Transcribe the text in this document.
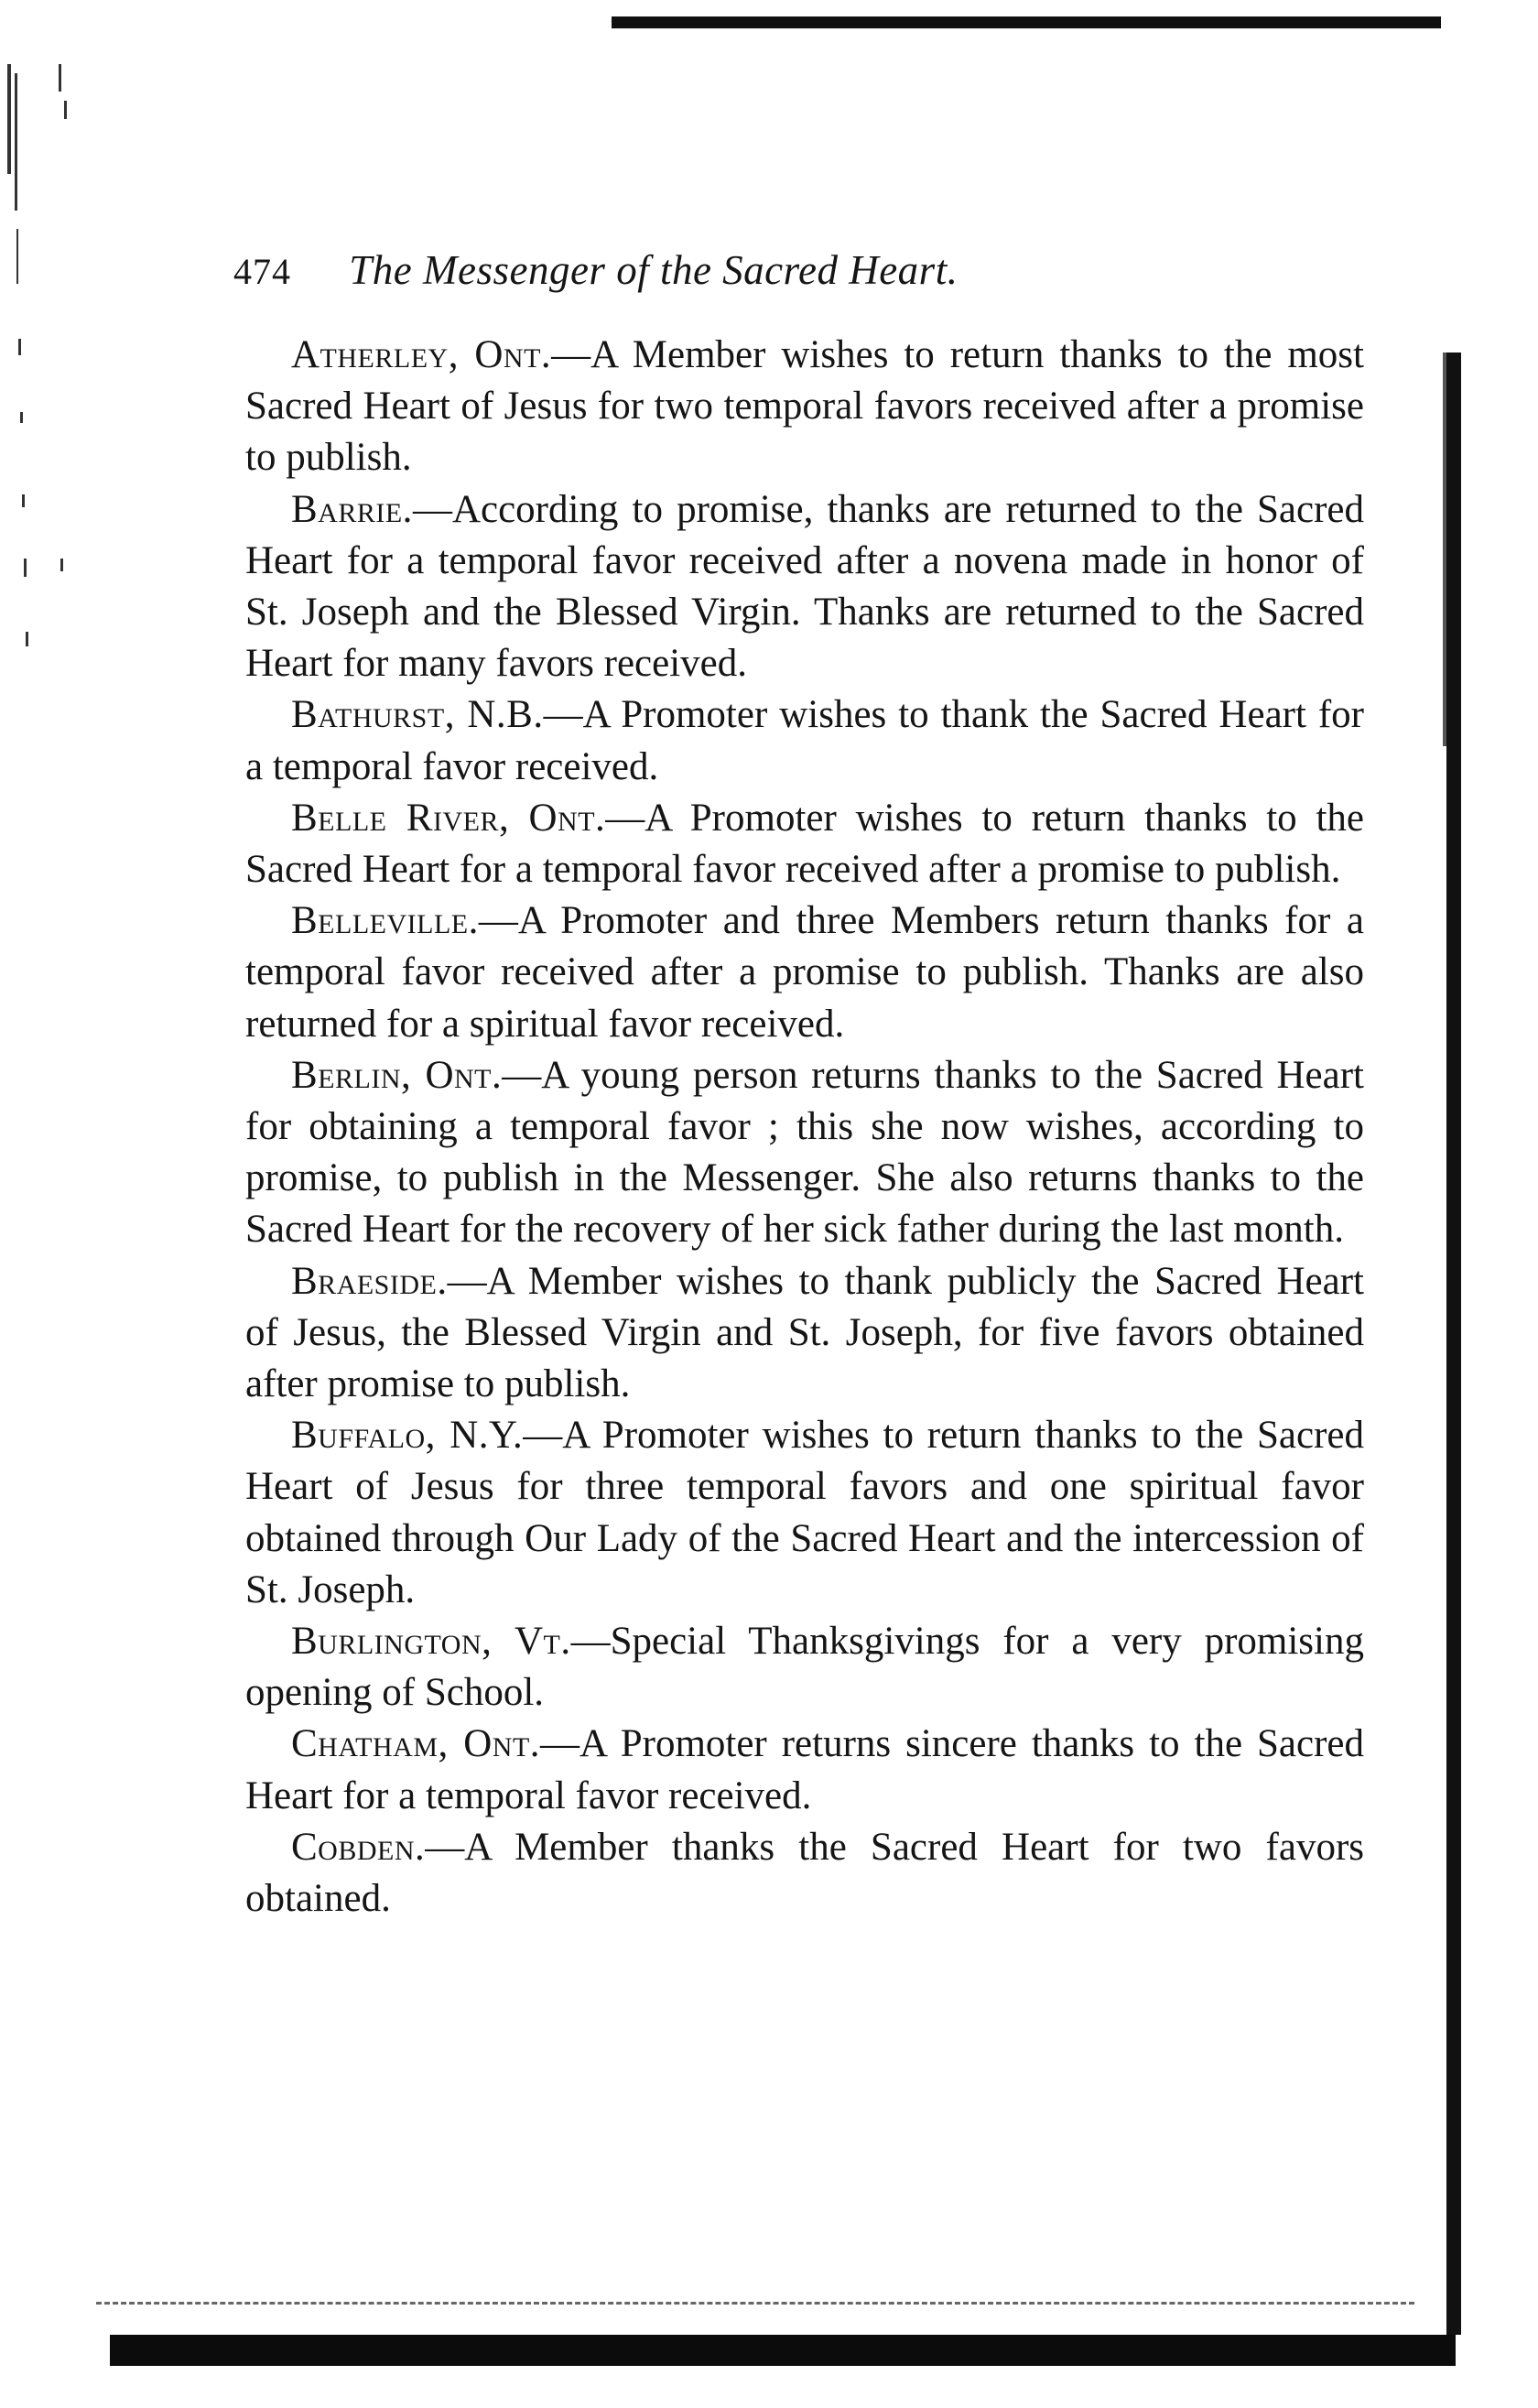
474 The Messenger of the Sacred Heart.

Atherley, Ont.—A Member wishes to return thanks to the most Sacred Heart of Jesus for two temporal favors received after a promise to publish.

Barrie.—According to promise, thanks are returned to the Sacred Heart for a temporal favor received after a novena made in honor of St. Joseph and the Blessed Virgin. Thanks are returned to the Sacred Heart for many favors received.

Bathurst, N.B.—A Promoter wishes to thank the Sacred Heart for a temporal favor received.

Belle River, Ont.—A Promoter wishes to return thanks to the Sacred Heart for a temporal favor received after a promise to publish.

Belleville.—A Promoter and three Members return thanks for a temporal favor received after a promise to publish. Thanks are also returned for a spiritual favor received.

Berlin, Ont.—A young person returns thanks to the Sacred Heart for obtaining a temporal favor ; this she now wishes, according to promise, to publish in the Messenger. She also returns thanks to the Sacred Heart for the recovery of her sick father during the last month.

Braeside.—A Member wishes to thank publicly the Sacred Heart of Jesus, the Blessed Virgin and St. Joseph, for five favors obtained after promise to publish.

Buffalo, N.Y.—A Promoter wishes to return thanks to the Sacred Heart of Jesus for three temporal favors and one spiritual favor obtained through Our Lady of the Sacred Heart and the intercession of St. Joseph.

Burlington, Vt.—Special Thanksgivings for a very promising opening of School.

Chatham, Ont.—A Promoter returns sincere thanks to the Sacred Heart for a temporal favor received.

Cobden.—A Member thanks the Sacred Heart for two favors obtained.
